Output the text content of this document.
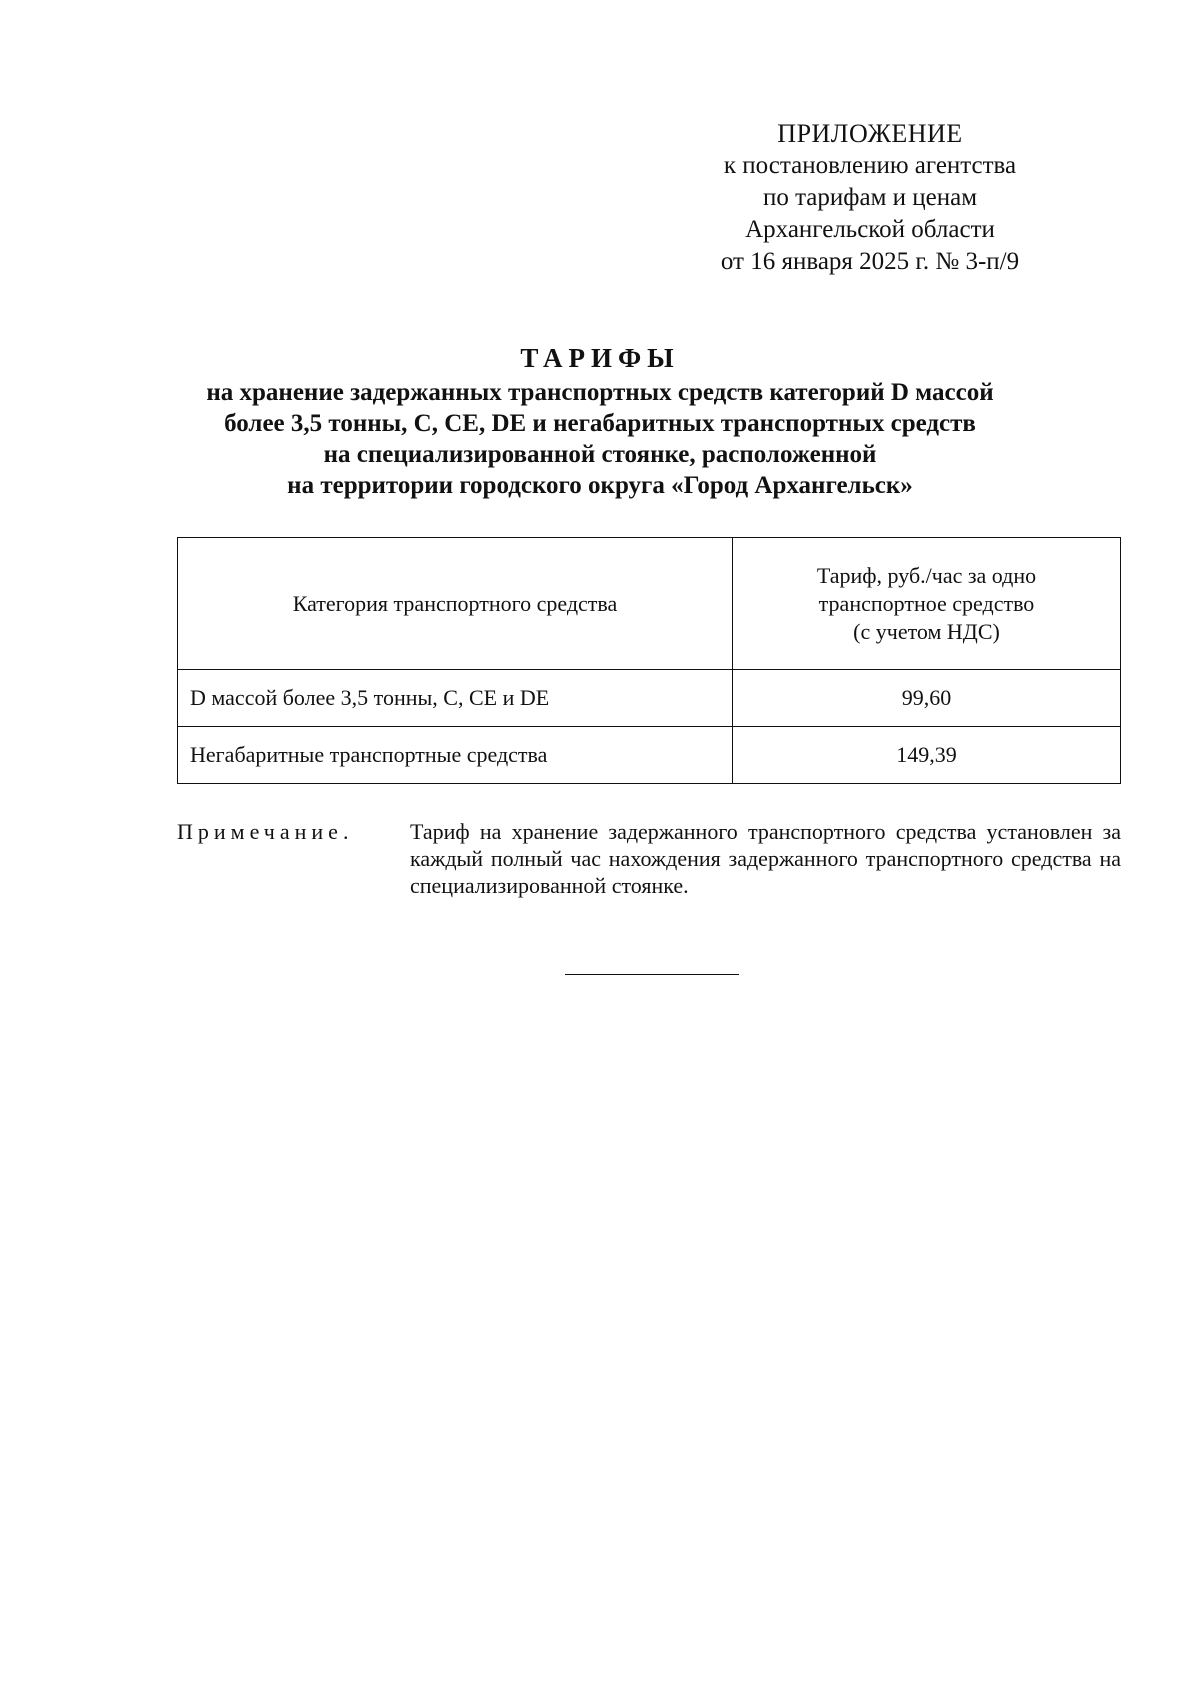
ПРИЛОЖЕНИЕ
к постановлению агентства
по тарифам и ценам
Архангельской области
от 16 января 2025 г. № 3-п/9
ТАРИФЫ
на хранение задержанных транспортных средств категорий D массой
более 3,5 тонны, C, CE, DE и негабаритных транспортных средств
на специализированной стоянке, расположенной
на территории городского округа «Город Архангельск»
Категория транспортного средства	Тариф, руб./час за одно
транспортное средство
(с учетом НДС)

D массой более 3,5 тонны, C, CE и DE	99,60
Негабаритные транспортные средства	149,39
Примечание.	Тариф на хранение задержанного транспортного средства установлен за каждый полный час нахождения задержанного транспортного средства на специализированной стоянке.
